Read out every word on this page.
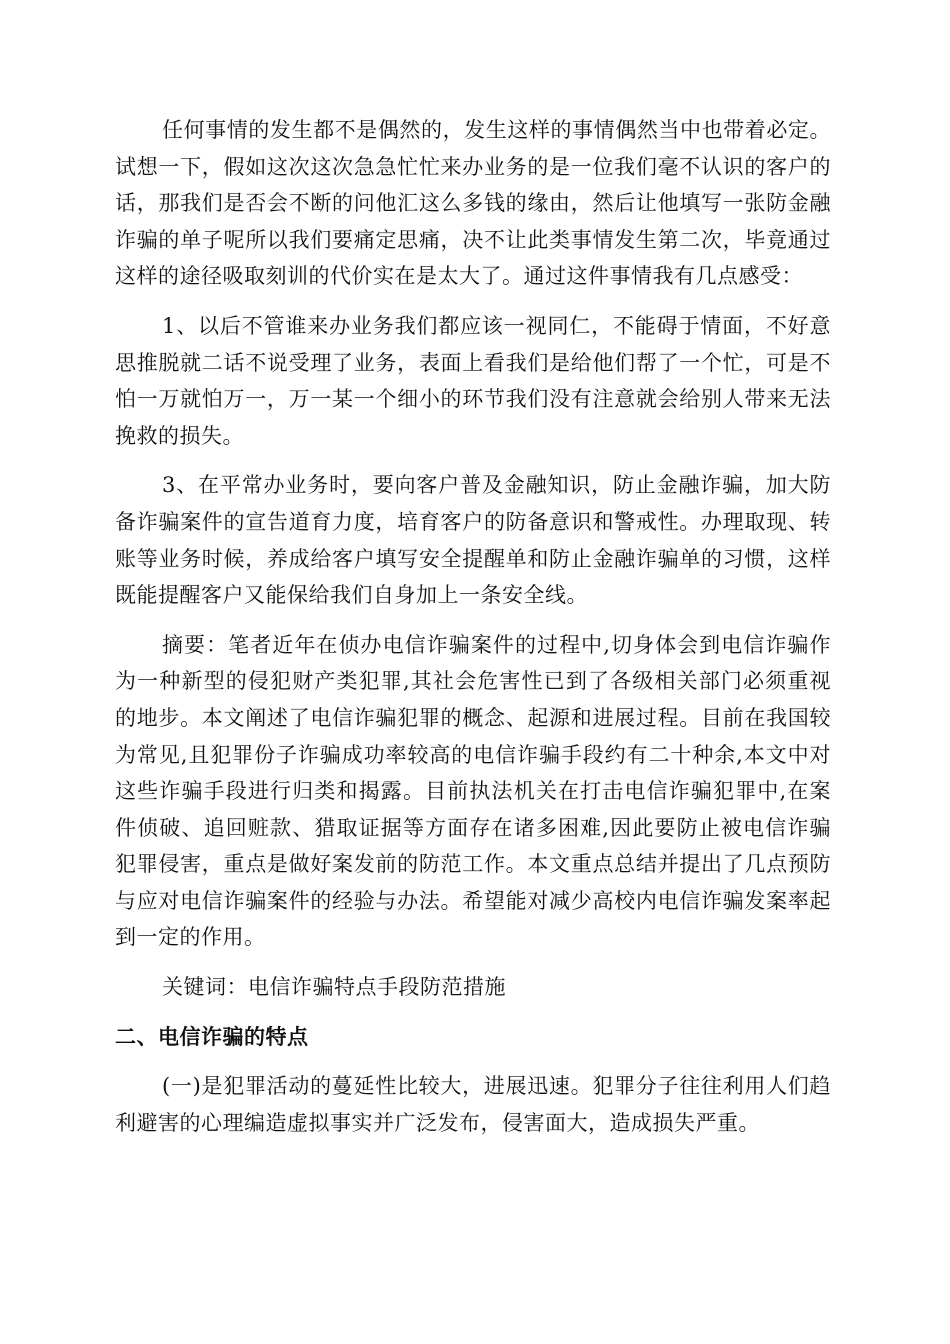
任何事情的发生都不是偶然的，发生这样的事情偶然当中也带着必定。试想一下，假如这次这次急急忙忙来办业务的是一位我们毫不认识的客户的话，那我们是否会不断的问他汇这么多钱的缘由，然后让他填写一张防金融诈骗的单子呢所以我们要痛定思痛，决不让此类事情发生第二次，毕竟通过这样的途径吸取刻训的代价实在是太大了。通过这件事情我有几点感受：

1、以后不管谁来办业务我们都应该一视同仁，不能碍于情面，不好意思推脱就二话不说受理了业务，表面上看我们是给他们帮了一个忙，可是不怕一万就怕万一，万一某一个细小的环节我们没有注意就会给别人带来无法挽救的损失。

3、在平常办业务时，要向客户普及金融知识，防止金融诈骗，加大防备诈骗案件的宣告道育力度，培育客户的防备意识和警戒性。办理取现、转账等业务时候，养成给客户填写安全提醒单和防止金融诈骗单的习惯，这样既能提醒客户又能保给我们自身加上一条安全线。

摘要：笔者近年在侦办电信诈骗案件的过程中,切身体会到电信诈骗作为一种新型的侵犯财产类犯罪,其社会危害性已到了各级相关部门必须重视的地步。本文阐述了电信诈骗犯罪的概念、起源和进展过程。目前在我国较为常见,且犯罪份子诈骗成功率较高的电信诈骗手段约有二十种余,本文中对这些诈骗手段进行归类和揭露。目前执法机关在打击电信诈骗犯罪中,在案件侦破、追回赃款、猎取证据等方面存在诸多困难,因此要防止被电信诈骗犯罪侵害，重点是做好案发前的防范工作。本文重点总结并提出了几点预防与应对电信诈骗案件的经验与办法。希望能对减少高校内电信诈骗发案率起到一定的作用。

关键词：电信诈骗特点手段防范措施

二、电信诈骗的特点

(一)是犯罪活动的蔓延性比较大，进展迅速。犯罪分子往往利用人们趋利避害的心理编造虚拟事实并广泛发布，侵害面大，造成损失严重。
